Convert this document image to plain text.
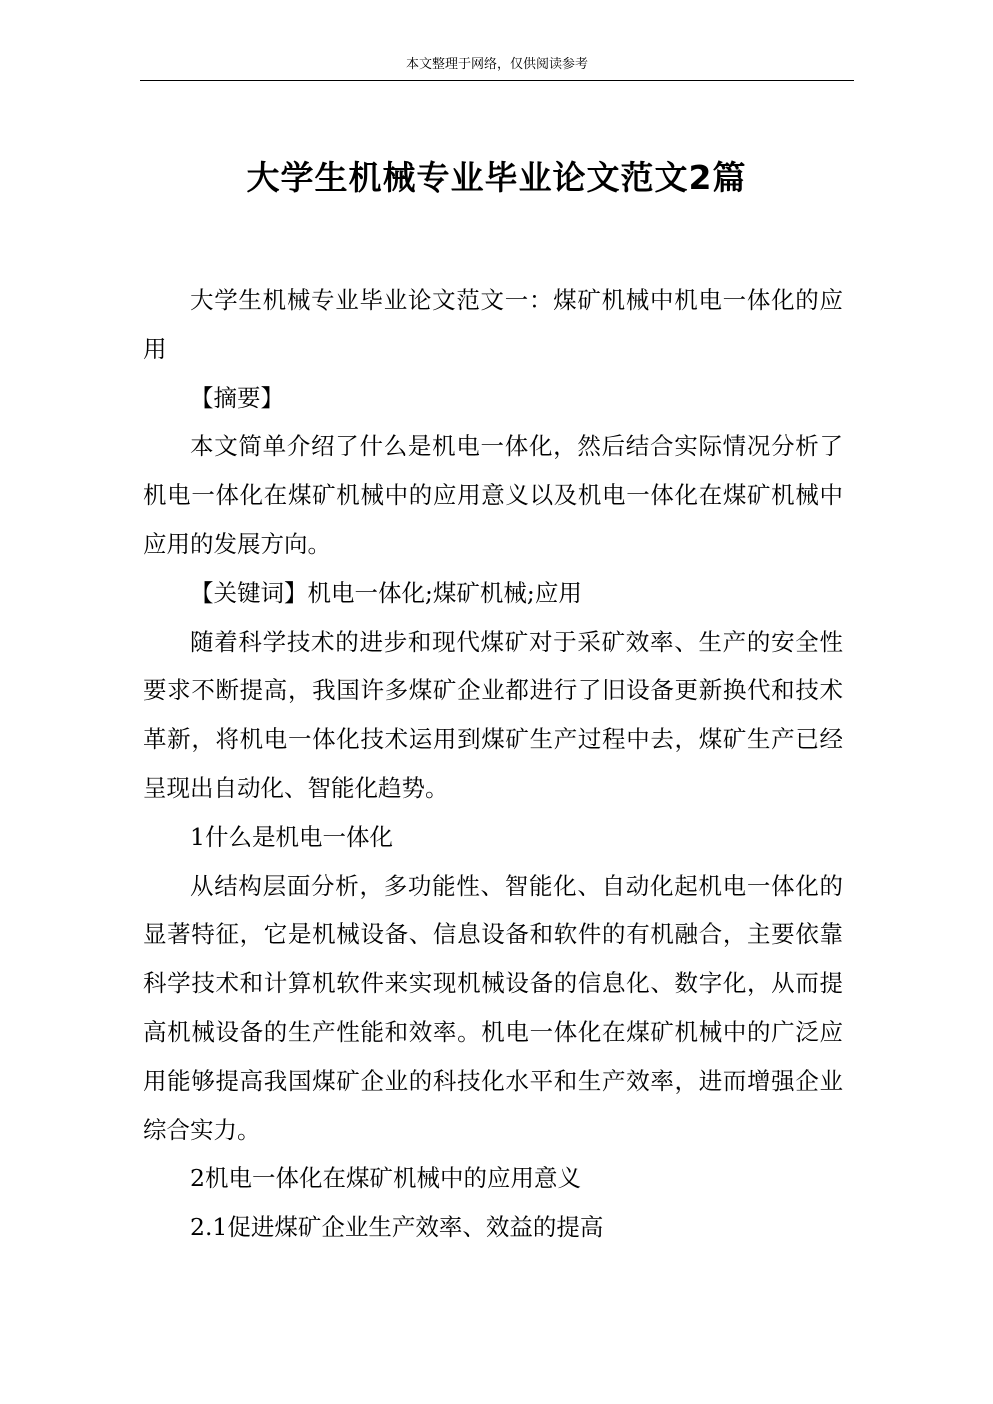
本文整理于网络，仅供阅读参考
大学生机械专业毕业论文范文2篇

大学生机械专业毕业论文范文一：煤矿机械中机电一体化的应用

【摘要】

本文简单介绍了什么是机电一体化，然后结合实际情况分析了机电一体化在煤矿机械中的应用意义以及机电一体化在煤矿机械中应用的发展方向。

【关键词】机电一体化;煤矿机械;应用

随着科学技术的进步和现代煤矿对于采矿效率、生产的安全性要求不断提高，我国许多煤矿企业都进行了旧设备更新换代和技术革新，将机电一体化技术运用到煤矿生产过程中去，煤矿生产已经呈现出自动化、智能化趋势。

1什么是机电一体化

从结构层面分析，多功能性、智能化、自动化起机电一体化的显著特征，它是机械设备、信息设备和软件的有机融合，主要依靠科学技术和计算机软件来实现机械设备的信息化、数字化，从而提高机械设备的生产性能和效率。机电一体化在煤矿机械中的广泛应用能够提高我国煤矿企业的科技化水平和生产效率，进而增强企业综合实力。

2机电一体化在煤矿机械中的应用意义

2.1促进煤矿企业生产效率、效益的提高
